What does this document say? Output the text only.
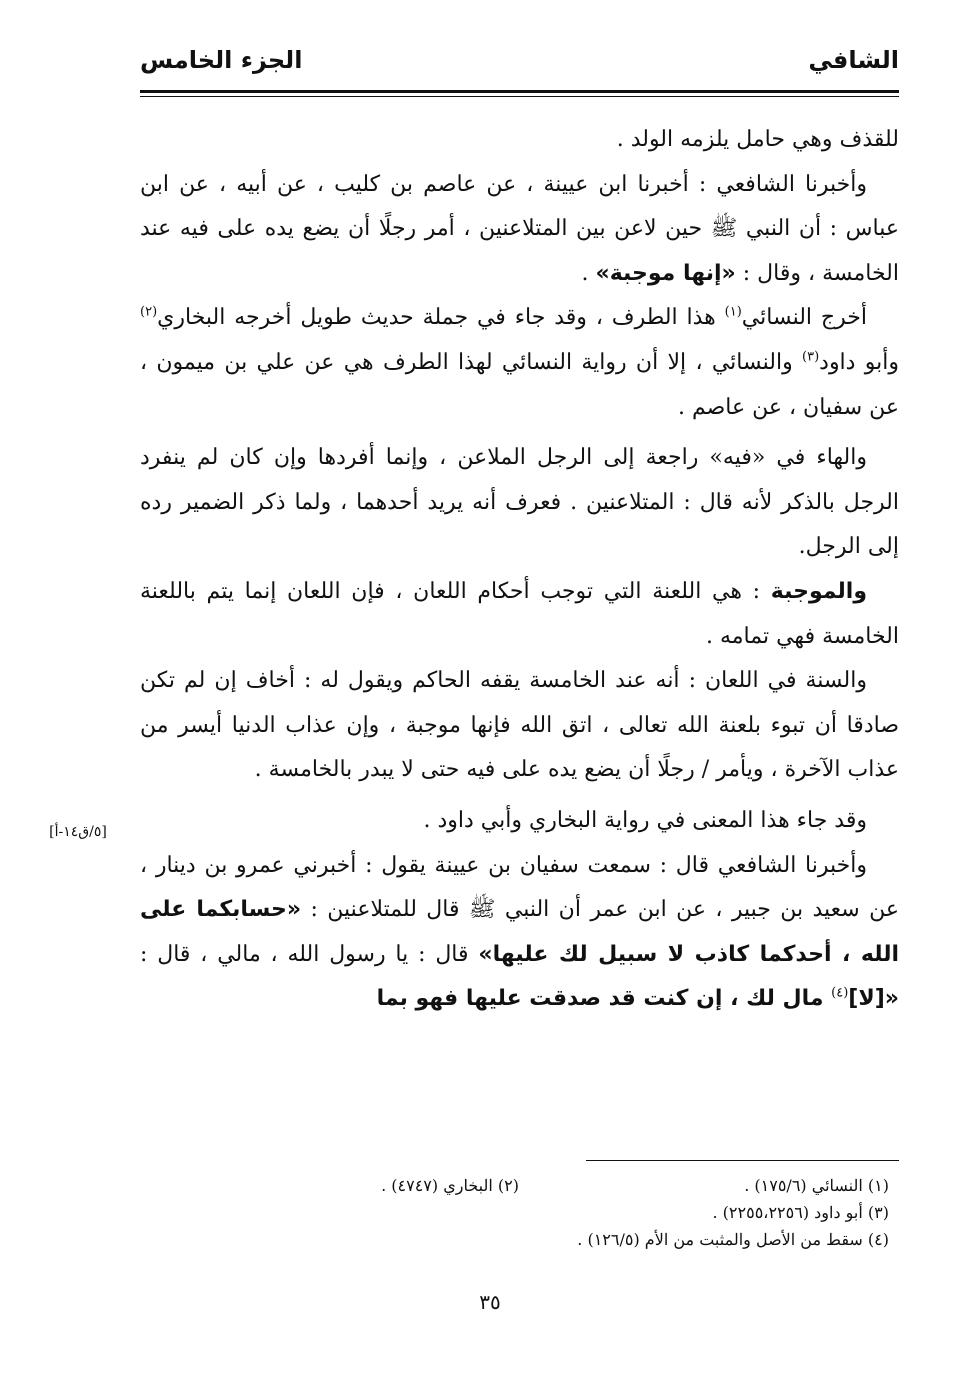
الشافي
الجزء الخامس

للقذف وهي حامل يلزمه الولد .

وأخبرنا الشافعي : أخبرنا ابن عيينة ، عن عاصم بن كليب ، عن أبيه ، عن ابن عباس : أن النبي ﷺ حين لاعن بين المتلاعنين ، أمر رجلًا أن يضع يده على فيه عند الخامسة ، وقال : «إنها موجبة» .

أخرج النسائي$^{(١)}$ هذا الطرف ، وقد جاء في جملة حديث طويل أخرجه البخاري$^{(٢)}$ وأبو داود$^{(٣)}$ والنسائي ، إلا أن رواية النسائي لهذا الطرف هي عن علي بن ميمون ، عن سفيان ، عن عاصم .

والهاء في «فيه» راجعة إلى الرجل الملاعن ، وإنما أفردها وإن كان لم ينفرد الرجل بالذكر لأنه قال : المتلاعنين . فعرف أنه يريد أحدهما ، ولما ذكر الضمير رده إلى الرجل.

والموجبة : هي اللعنة التي توجب أحكام اللعان ، فإن اللعان إنما يتم باللعنة الخامسة فهي تمامه .

والسنة في اللعان : أنه عند الخامسة يقفه الحاكم ويقول له : أخاف إن لم تكن صادقا أن تبوء بلعنة الله تعالى ، اتق الله فإنها موجبة ، وإن عذاب الدنيا أيسر من عذاب الآخرة ، ويأمر / رجلًا أن يضع يده على فيه حتى لا يبدر بالخامسة .

وقد جاء هذا المعنى في رواية البخاري وأبي داود .

وأخبرنا الشافعي قال : سمعت سفيان بن عيينة يقول : أخبرني عمرو بن دينار ، عن سعيد بن جبير ، عن ابن عمر أن النبي ﷺ قال للمتلاعنين : «حسابكما على الله ، أحدكما كاذب لا سبيل لك عليها» قال : يا رسول الله ، مالي ، قال : «[لا]$^{(٤)}$ مال لك ، إن كنت قد صدقت عليها فهو بما

[٥/ق١٤-أ]
(١) النسائي (١٧٥/٦) .
(٢) البخاري (٤٧٤٧) .
(٣) أبو داود (٢٢٥٥،٢٢٥٦) .
(٤) سقط من الأصل والمثبت من الأم (١٢٦/٥) .
٣٥
